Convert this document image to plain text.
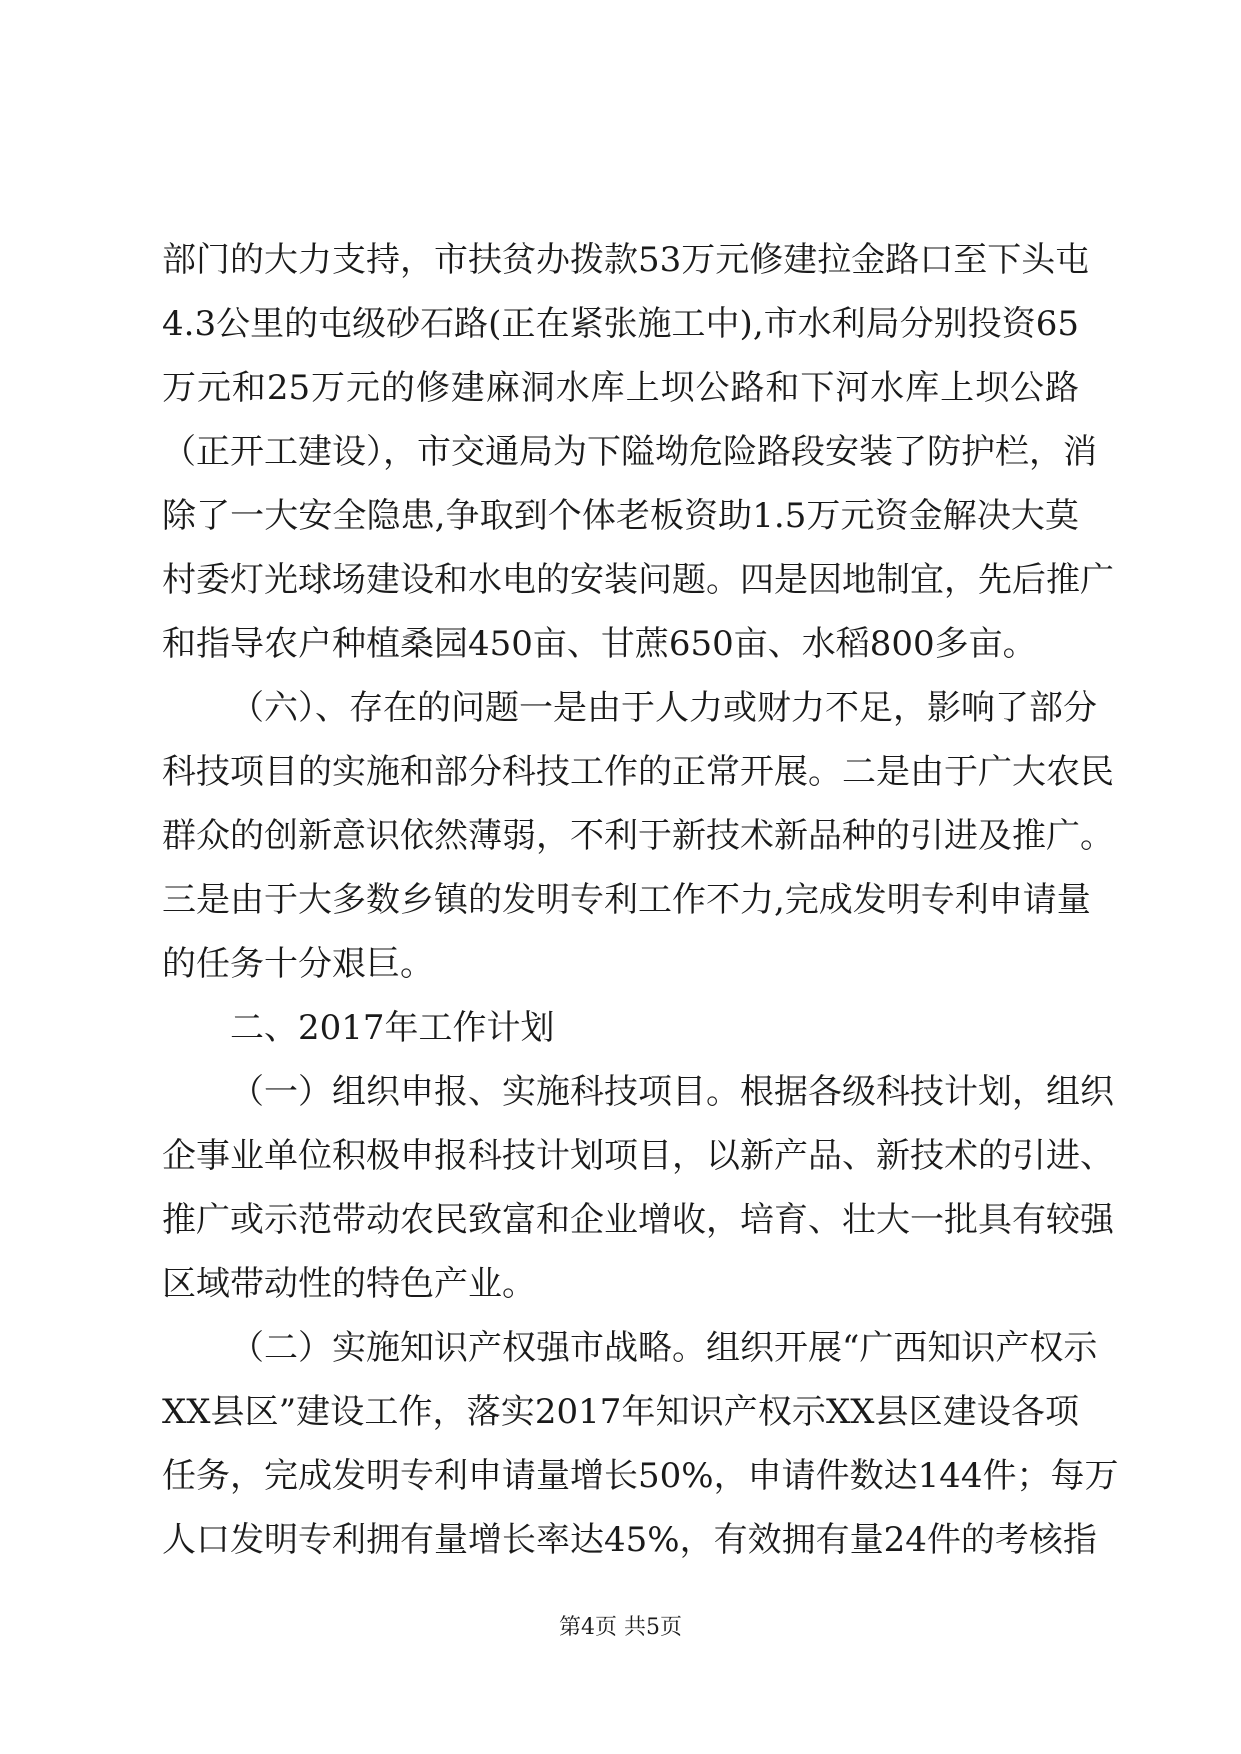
部门的大力支持，市扶贫办拨款53万元修建拉金路口至下头屯
4.3公里的屯级砂石路(正在紧张施工中),市水利局分别投资65
万元和25万元的修建麻洞水库上坝公路和下河水库上坝公路
（正开工建设），市交通局为下隘坳危险路段安装了防护栏，消
除了一大安全隐患,争取到个体老板资助1.5万元资金解决大莫
村委灯光球场建设和水电的安装问题。四是因地制宜，先后推广
和指导农户种植桑园450亩、甘蔗650亩、水稻800多亩。
（六）、存在的问题一是由于人力或财力不足，影响了部分
科技项目的实施和部分科技工作的正常开展。二是由于广大农民
群众的创新意识依然薄弱，不利于新技术新品种的引进及推广。
三是由于大多数乡镇的发明专利工作不力,完成发明专利申请量
的任务十分艰巨。
二、2017年工作计划
（一）组织申报、实施科技项目。根据各级科技计划，组织
企事业单位积极申报科技计划项目，以新产品、新技术的引进、
推广或示范带动农民致富和企业增收，培育、壮大一批具有较强
区域带动性的特色产业。
（二）实施知识产权强市战略。组织开展“广西知识产权示
XX县区”建设工作，落实2017年知识产权示XX县区建设各项
任务，完成发明专利申请量增长50%，申请件数达144件；每万
人口发明专利拥有量增长率达45%，有效拥有量24件的考核指
第4页 共5页
